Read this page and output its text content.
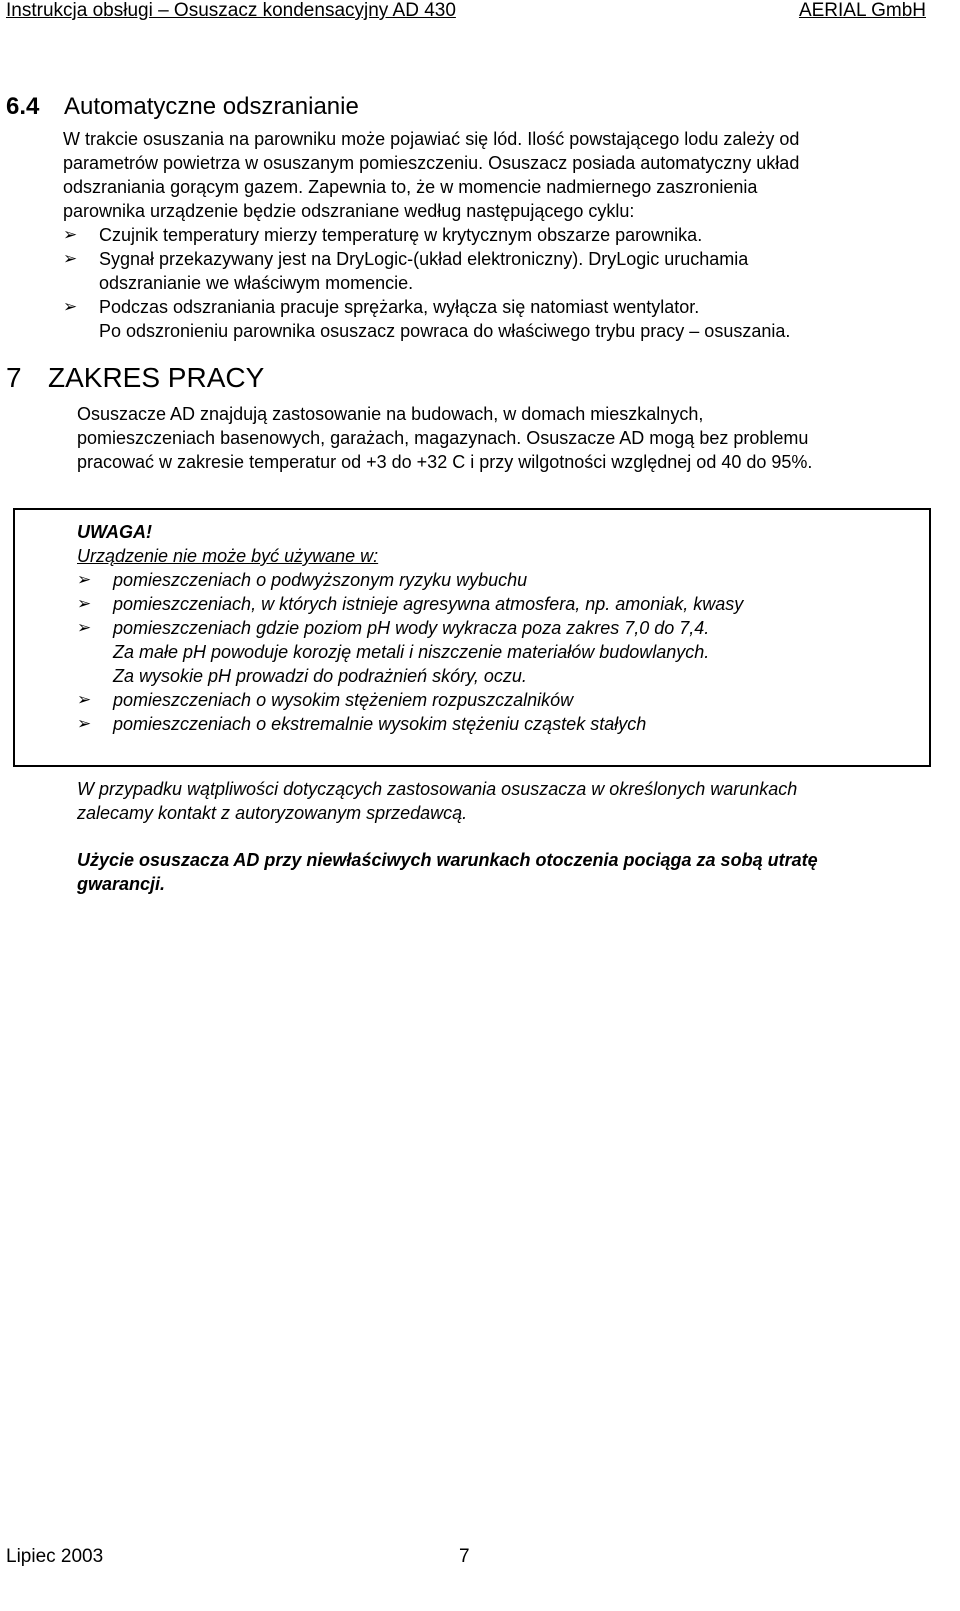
Instrukcja obsługi – Osuszacz kondensacyjny AD 430	AERIAL GmbH
6.4 Automatyczne odszranianie
W trakcie osuszania na parowniku może pojawiać się lód. Ilość powstającego lodu zależy od
parametrów powietrza w osuszanym pomieszczeniu. Osuszacz posiada automatyczny układ
odszraniania gorącym gazem. Zapewnia to, że w momencie nadmiernego zaszronienia
parownika urządzenie będzie odszraniane według następującego cyklu:
➢	Czujnik temperatury mierzy temperaturę w krytycznym obszarze parownika.
➢	Sygnał przekazywany jest na DryLogic-(układ elektroniczny). DryLogic uruchamia
odszranianie we właściwym momencie.
➢	Podczas odszraniania pracuje sprężarka, wyłącza się natomiast wentylator.
Po odszronieniu parownika osuszacz powraca do właściwego trybu pracy – osuszania.
7 ZAKRES PRACY
Osuszacze AD znajdują zastosowanie na budowach, w domach mieszkalnych,
pomieszczeniach basenowych, garażach, magazynach. Osuszacze AD mogą bez problemu
pracować w zakresie temperatur od +3 do +32 C i przy wilgotności względnej od 40 do 95%.
UWAGA!
Urządzenie nie może być używane w:
➢	pomieszczeniach o podwyższonym ryzyku wybuchu
➢	pomieszczeniach, w których istnieje agresywna atmosfera, np. amoniak, kwasy
➢	pomieszczeniach gdzie poziom pH wody wykracza poza zakres 7,0 do 7,4.
Za małe pH powoduje korozję metali i niszczenie materiałów budowlanych.
Za wysokie pH prowadzi do podrażnień skóry, oczu.
➢	pomieszczeniach o wysokim stężeniem rozpuszczalników
➢	pomieszczeniach o ekstremalnie wysokim stężeniu cząstek stałych
W przypadku wątpliwości dotyczących zastosowania osuszacza w określonych warunkach
zalecamy kontakt z autoryzowanym sprzedawcą.
Użycie osuszacza AD przy niewłaściwych warunkach otoczenia pociąga za sobą utratę
gwarancji.
Lipiec 2003	7
